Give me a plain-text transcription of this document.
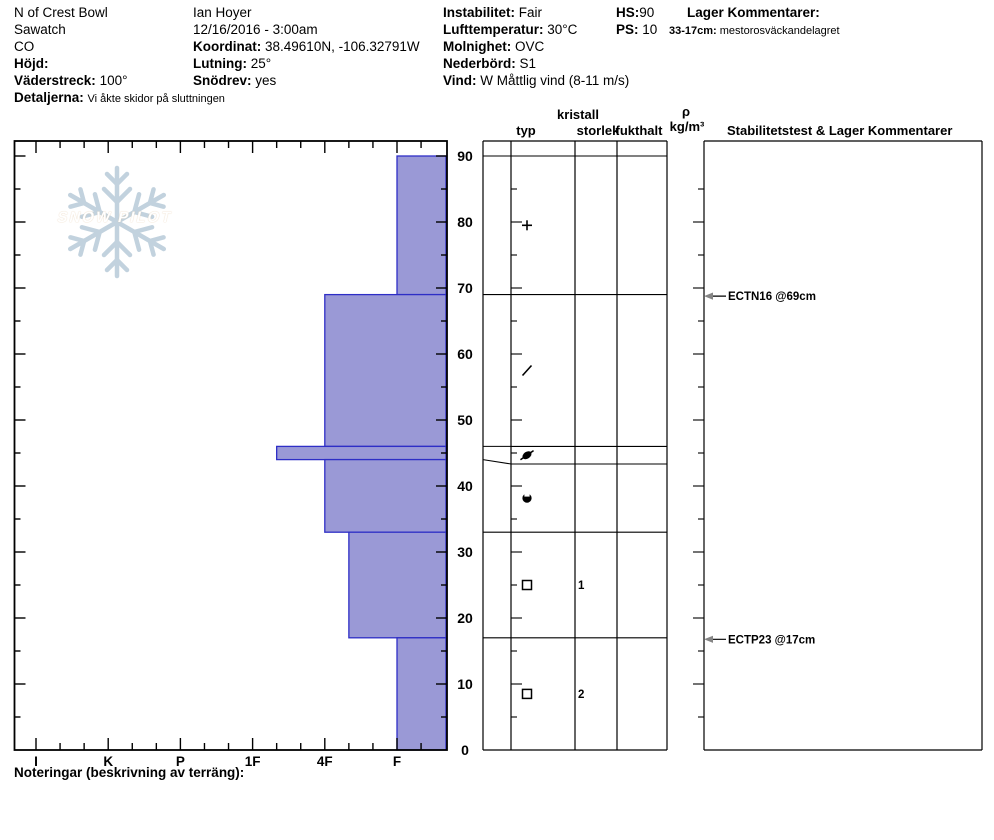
N of Crest Bowl
Sawatch
CO
Höjd:
Väderstreck: 100°
Detaljerna: Vi åkte skidor på sluttningen
Ian Hoyer
12/16/2016 - 3:00am
Koordinat: 38.49610N, -106.32791W
Lutning: 25°
Snödrev: yes
Instabilitet: Fair
Lufttemperatur: 30°C
Molnighet: OVC
Nederbörd: S1
Vind: W Måttlig vind (8-11 m/s)
HS:90
PS: 10
Lager Kommentarer:
33-17cm: mestorosväckandelagret
SNOW PILOT
I	K	P	1F	4F	F
0
10
20
30
40
50
60
70
80
90
1
2
ECTN16 @69cm
ECTP23 @17cm
typ
kristall
storlek
fukthalt
ρ
kg/m³ Stabilitetstest & Lager Kommentarer
Noteringar (beskrivning av terräng):
